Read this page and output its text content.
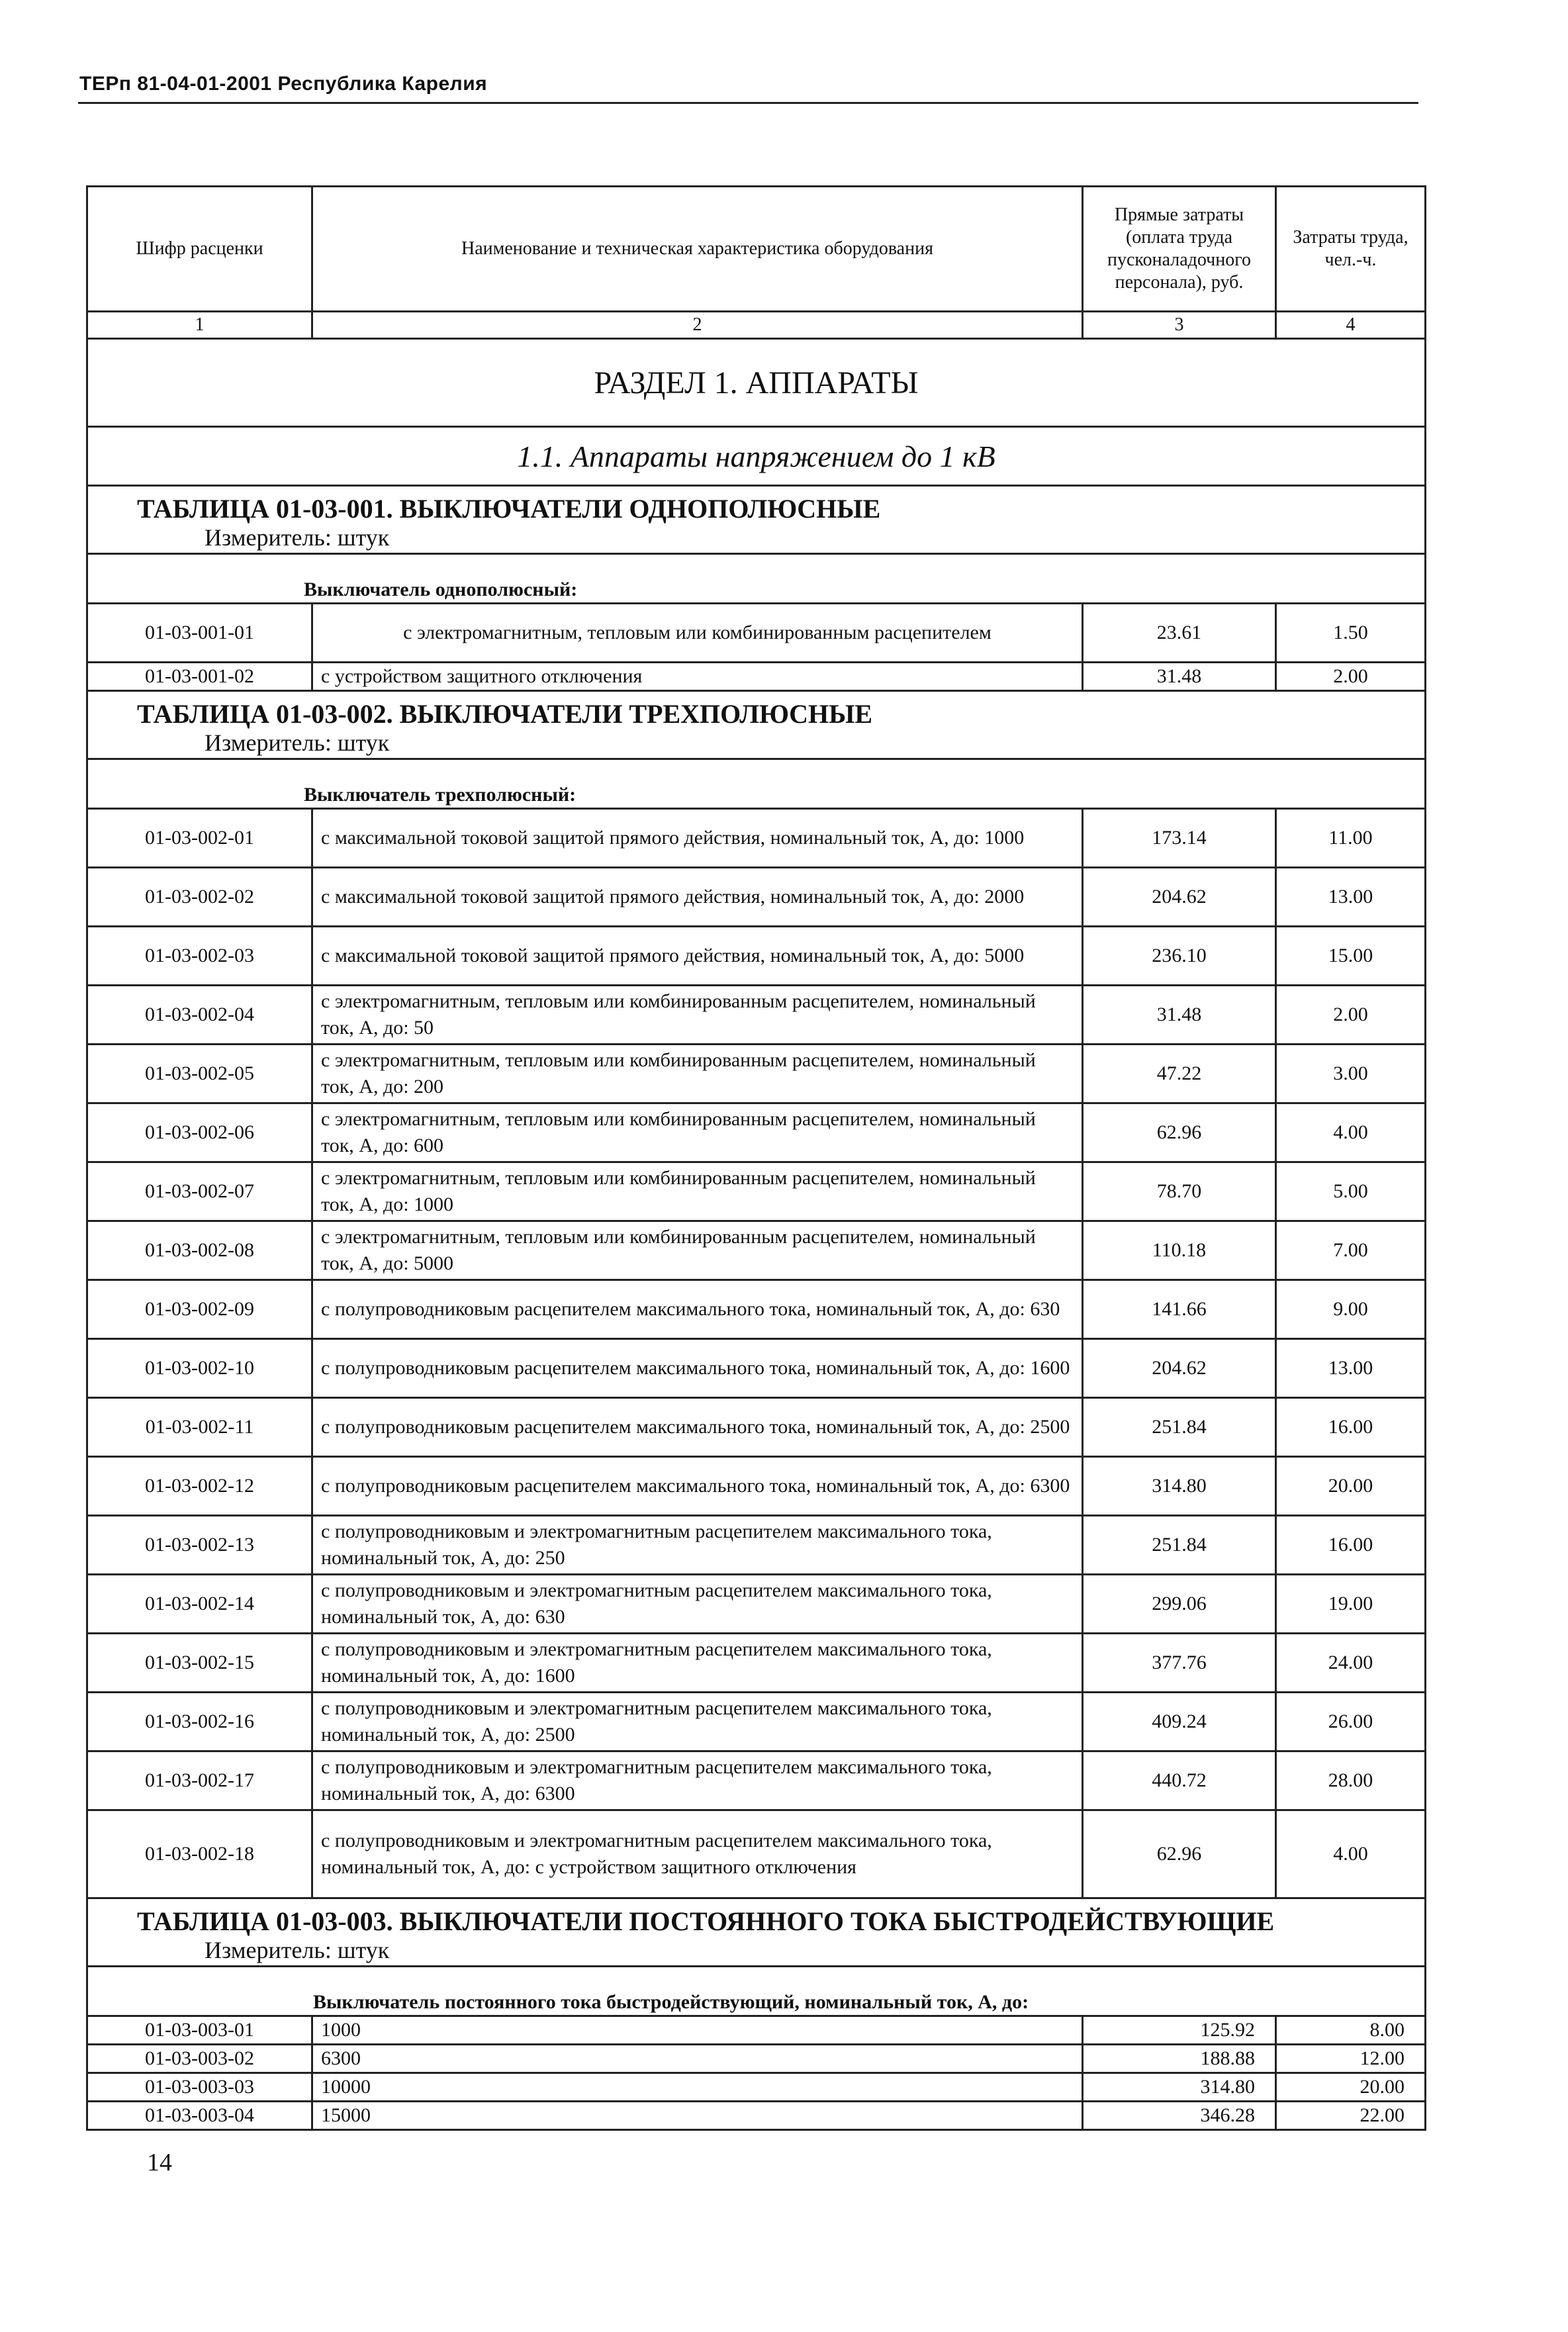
ТЕРп 81-04-01-2001 Республика Карелия
Шифр расценки	Наименование и техническая характеристика оборудования	Прямые затраты (оплата труда пусконаладочного персонала), руб.	Затраты труда, чел.-ч.
1	2	3	4
РАЗДЕЛ 1. АППАРАТЫ			
1.1. Аппараты напряжением до 1 кВ			

ТАБЛИЦА 01-03-001. ВЫКЛЮЧАТЕЛИ ОДНОПОЛЮСНЫЕ
Измеритель: штук			

Выключатель однополюсный:			
01-03-001-01	с электромагнитным, тепловым или комбинированным расцепителем	23.61	1.50
01-03-001-02	с устройством защитного отключения	31.48	2.00

ТАБЛИЦА 01-03-002. ВЫКЛЮЧАТЕЛИ ТРЕХПОЛЮСНЫЕ
Измеритель: штук			

Выключатель трехполюсный:			
01-03-002-01	с максимальной токовой защитой прямого действия, номинальный ток, А, до: 1000	173.14	11.00
01-03-002-02	с максимальной токовой защитой прямого действия, номинальный ток, А, до: 2000	204.62	13.00
01-03-002-03	с максимальной токовой защитой прямого действия, номинальный ток, А, до: 5000	236.10	15.00
01-03-002-04	с электромагнитным, тепловым или комбинированным расцепителем, номинальный ток, А, до: 50	31.48	2.00
01-03-002-05	с электромагнитным, тепловым или комбинированным расцепителем, номинальный ток, А, до: 200	47.22	3.00
01-03-002-06	с электромагнитным, тепловым или комбинированным расцепителем, номинальный ток, А, до: 600	62.96	4.00
01-03-002-07	с электромагнитным, тепловым или комбинированным расцепителем, номинальный ток, А, до: 1000	78.70	5.00
01-03-002-08	с электромагнитным, тепловым или комбинированным расцепителем, номинальный ток, А, до: 5000	110.18	7.00
01-03-002-09	с полупроводниковым расцепителем максимального тока, номинальный ток, А, до: 630	141.66	9.00
01-03-002-10	с полупроводниковым расцепителем максимального тока, номинальный ток, А, до: 1600	204.62	13.00
01-03-002-11	с полупроводниковым расцепителем максимального тока, номинальный ток, А, до: 2500	251.84	16.00
01-03-002-12	с полупроводниковым расцепителем максимального тока, номинальный ток, А, до: 6300	314.80	20.00
01-03-002-13	с полупроводниковым и электромагнитным расцепителем максимального тока, номинальный ток, А, до: 250	251.84	16.00
01-03-002-14	с полупроводниковым и электромагнитным расцепителем максимального тока, номинальный ток, А, до: 630	299.06	19.00
01-03-002-15	с полупроводниковым и электромагнитным расцепителем максимального тока, номинальный ток, А, до: 1600	377.76	24.00
01-03-002-16	с полупроводниковым и электромагнитным расцепителем максимального тока, номинальный ток, А, до: 2500	409.24	26.00
01-03-002-17	с полупроводниковым и электромагнитным расцепителем максимального тока, номинальный ток, А, до: 6300	440.72	28.00
01-03-002-18	с полупроводниковым и электромагнитным расцепителем максимального тока, номинальный ток, А, до: с устройством защитного отключения	62.96	4.00

ТАБЛИЦА 01-03-003. ВЫКЛЮЧАТЕЛИ ПОСТОЯННОГО ТОКА БЫСТРОДЕЙСТВУЮЩИЕ
Измеритель: штук			

Выключатель постоянного тока быстродействующий, номинальный ток, А, до:			
01-03-003-01	1000	125.92	8.00
01-03-003-02	6300	188.88	12.00
01-03-003-03	10000	314.80	20.00
01-03-003-04	15000	346.28	22.00
14
